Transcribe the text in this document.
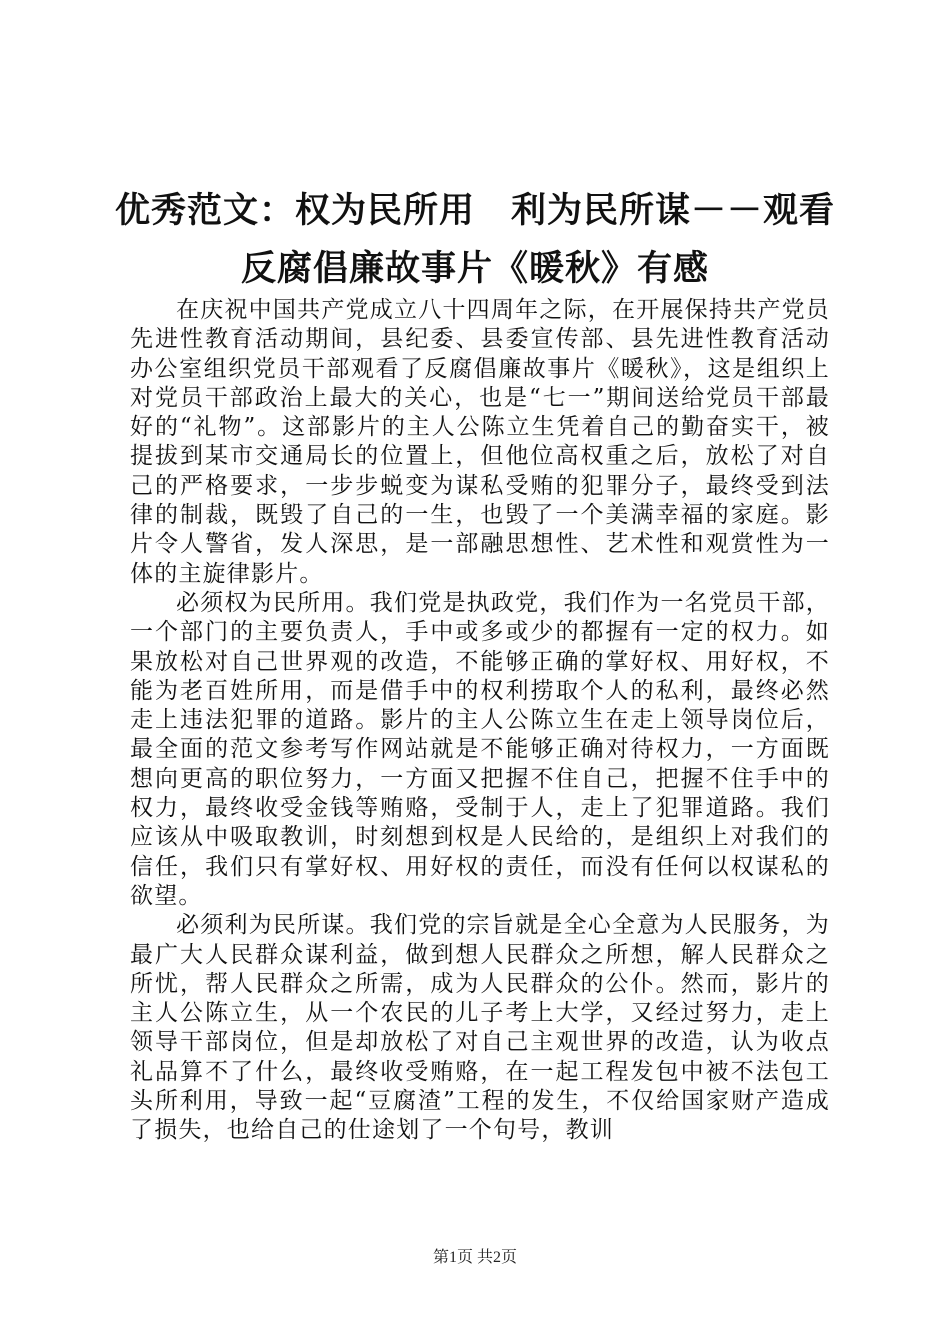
优秀范文：权为民所用　利为民所谋－－观看
反腐倡廉故事片《暖秋》有感

在庆祝中国共产党成立八十四周年之际，在开展保持共产党员先进性教育活动期间，县纪委、县委宣传部、县先进性教育活动办公室组织党员干部观看了反腐倡廉故事片《暖秋》，这是组织上对党员干部政治上最大的关心，也是“七一”期间送给党员干部最好的“礼物”。这部影片的主人公陈立生凭着自己的勤奋实干，被提拔到某市交通局长的位置上，但他位高权重之后，放松了对自己的严格要求，一步步蜕变为谋私受贿的犯罪分子，最终受到法律的制裁，既毁了自己的一生，也毁了一个美满幸福的家庭。影片令人警省，发人深思，是一部融思想性、艺术性和观赏性为一体的主旋律影片。

必须权为民所用。我们党是执政党，我们作为一名党员干部，一个部门的主要负责人，手中或多或少的都握有一定的权力。如果放松对自己世界观的改造，不能够正确的掌好权、用好权，不能为老百姓所用，而是借手中的权利捞取个人的私利，最终必然走上违法犯罪的道路。影片的主人公陈立生在走上领导岗位后，最全面的范文参考写作网站就是不能够正确对待权力，一方面既想向更高的职位努力，一方面又把握不住自己，把握不住手中的权力，最终收受金钱等贿赂，受制于人，走上了犯罪道路。我们应该从中吸取教训，时刻想到权是人民给的，是组织上对我们的信任，我们只有掌好权、用好权的责任，而没有任何以权谋私的欲望。

必须利为民所谋。我们党的宗旨就是全心全意为人民服务，为最广大人民群众谋利益，做到想人民群众之所想，解人民群众之所忧，帮人民群众之所需，成为人民群众的公仆。然而，影片的主人公陈立生，从一个农民的儿子考上大学，又经过努力，走上领导干部岗位，但是却放松了对自己主观世界的改造，认为收点礼品算不了什么，最终收受贿赂，在一起工程发包中被不法包工头所利用，导致一起“豆腐渣”工程的发生，不仅给国家财产造成了损失，也给自己的仕途划了一个句号，教训

第1页 共2页
